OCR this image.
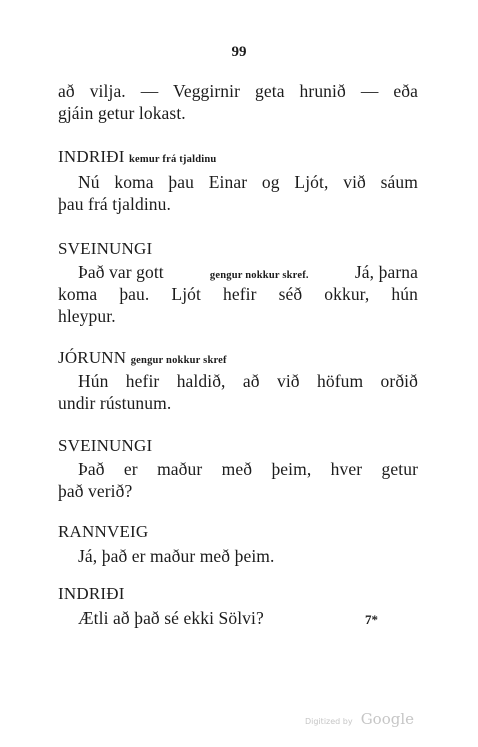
99
að vilja. — Veggirnir geta hrunið — eða
gjáin getur lokast.
INDRIÐI kemur frá tjaldinu
Nú koma þau Einar og Ljót, við sáum
þau frá tjaldinu.
SVEINUNGI
Það var gott	gengur nokkur skref.	Já, þarna
koma þau. Ljót hefir séð okkur, hún
hleypur.
JÓRUNN gengur nokkur skref
Hún hefir haldið, að við höfum orðið
undir rústunum.
SVEINUNGI
Það er maður með þeim, hver getur
það verið?
RANNVEIG
Já, það er maður með þeim.
INDRIÐI
Ætli að það sé ekki Sölvi?	7*
Digitized by Google
